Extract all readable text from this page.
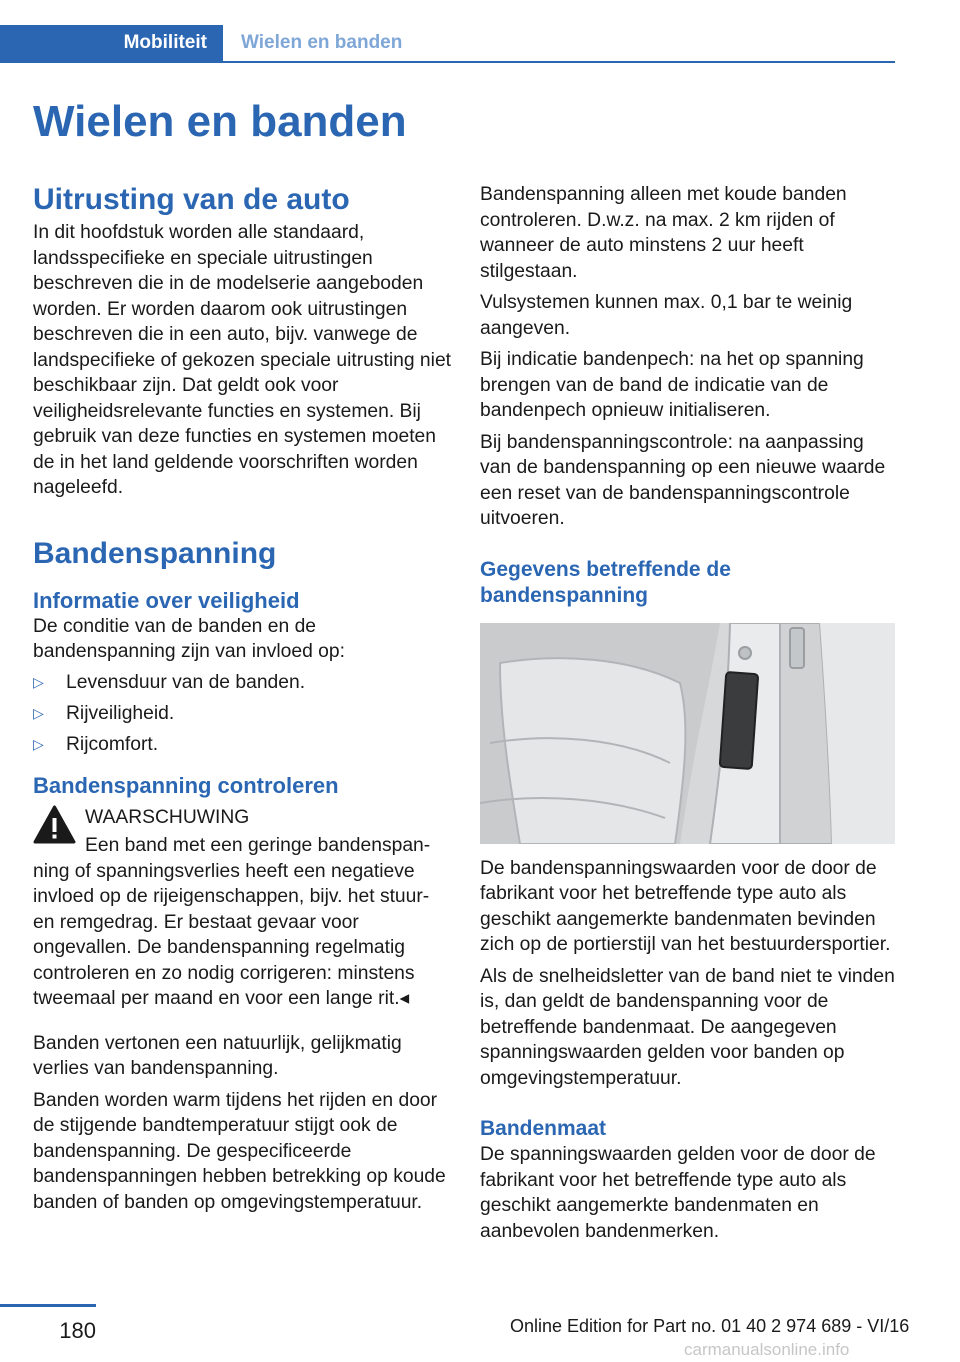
Mobiliteit Wielen en banden
Wielen en banden
Uitrusting van de auto

In dit hoofdstuk worden alle standaard, landsspecifieke en speciale uitrustingen beschreven die in de modelserie aangeboden worden. Er worden daarom ook uitrustingen beschreven die in een auto, bijv. vanwege de landspecifieke of gekozen speciale uitrusting niet beschikbaar zijn. Dat geldt ook voor veiligheidsrelevante functies en systemen. Bij gebruik van deze functies en systemen moeten de in het land geldende voorschriften worden nageleefd.

Bandenspanning
Informatie over veiligheid

De conditie van de banden en de bandenspanning zijn van invloed op:

▷ Levensduur van de banden.
▷ Rijveiligheid.
▷ Rijcomfort.
Bandenspanning controleren

WAARSCHUWING

Een band met een geringe bandenspan-

ning of spanningsverlies heeft een negatieve invloed op de rijeigenschappen, bijv. het stuur- en remgedrag. Er bestaat gevaar voor ongevallen. De bandenspanning regelmatig controleren en zo nodig corrigeren: minstens tweemaal per maand en voor een lange rit.◂

Banden vertonen een natuurlijk, gelijkmatig verlies van bandenspanning.

Banden worden warm tijdens het rijden en door de stijgende bandtemperatuur stijgt ook de bandenspanning. De gespecificeerde bandenspanningen hebben betrekking op koude banden of banden op omgevingstemperatuur.

Bandenspanning alleen met koude banden controleren. D.w.z. na max. 2 km rijden of wanneer de auto minstens 2 uur heeft stilgestaan.

Vulsystemen kunnen max. 0,1 bar te weinig aangeven.

Bij indicatie bandenpech: na het op spanning brengen van de band de indicatie van de bandenpech opnieuw initialiseren.

Bij bandenspanningscontrole: na aanpassing van de bandenspanning op een nieuwe waarde een reset van de bandenspanningscontrole uitvoeren.

Gegevens betreffende de bandenspanning

De bandenspanningswaarden voor de door de fabrikant voor het betreffende type auto als geschikt aangemerkte bandenmaten bevinden zich op de portierstijl van het bestuurdersportier.

Als de snelheidsletter van de band niet te vinden is, dan geldt de bandenspanning voor de betreffende bandenmaat. De aangegeven spanningswaarden gelden voor banden op omgevingstemperatuur.

Bandenmaat

De spanningswaarden gelden voor de door de fabrikant voor het betreffende type auto als geschikt aangemerkte bandenmaten en aanbevolen bandenmerken.

180	Online Edition for Part no. 01 40 2 974 689 - VI/16
carmanualsonline.info
